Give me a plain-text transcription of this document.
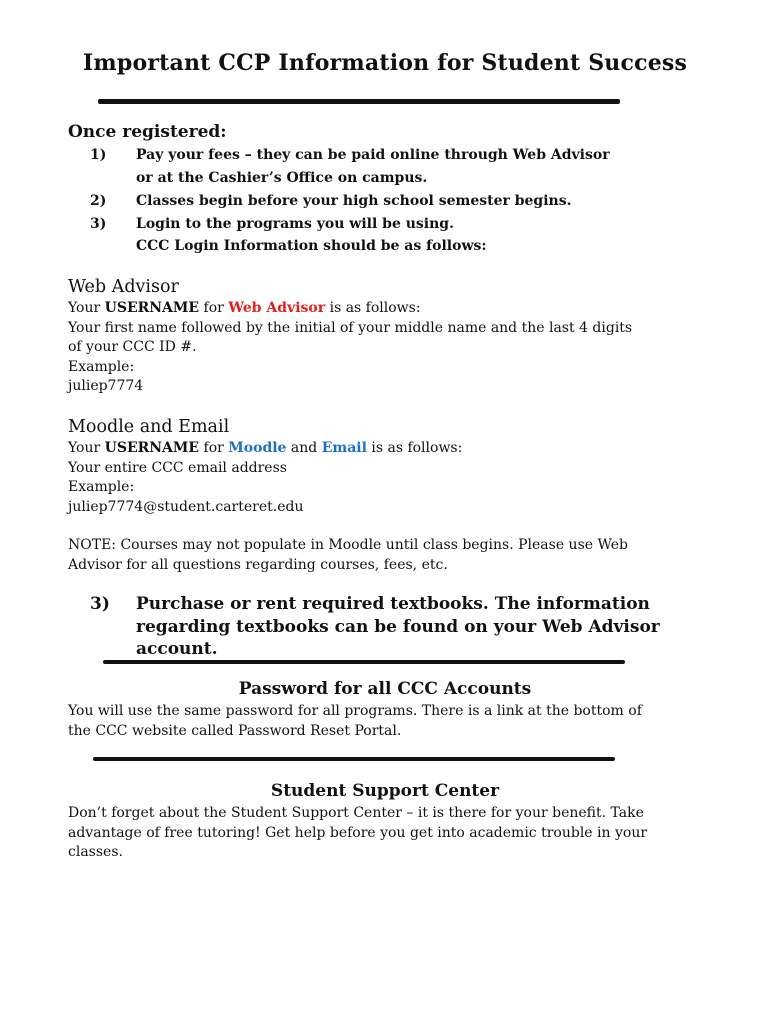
Important CCP Information for Student Success
Once registered:
1) Pay your fees – they can be paid online through Web Advisor
or at the Cashier’s Office on campus.
2) Classes begin before your high school semester begins.
3) Login to the programs you will be using.
CCC Login Information should be as follows:
Web Advisor
Your USERNAME for Web Advisor is as follows:
Your first name followed by the initial of your middle name and the last 4 digits
of your CCC ID #.
Example:
juliep7774
Moodle and Email
Your USERNAME for Moodle and Email is as follows:
Your entire CCC email address
Example:
juliep7774@student.carteret.edu
NOTE: Courses may not populate in Moodle until class begins. Please use Web
Advisor for all questions regarding courses, fees, etc.
3) Purchase or rent required textbooks. The information
regarding textbooks can be found on your Web Advisor
account.
Password for all CCC Accounts
You will use the same password for all programs. There is a link at the bottom of
the CCC website called Password Reset Portal.
Student Support Center
Don’t forget about the Student Support Center – it is there for your benefit. Take
advantage of free tutoring! Get help before you get into academic trouble in your
classes.
